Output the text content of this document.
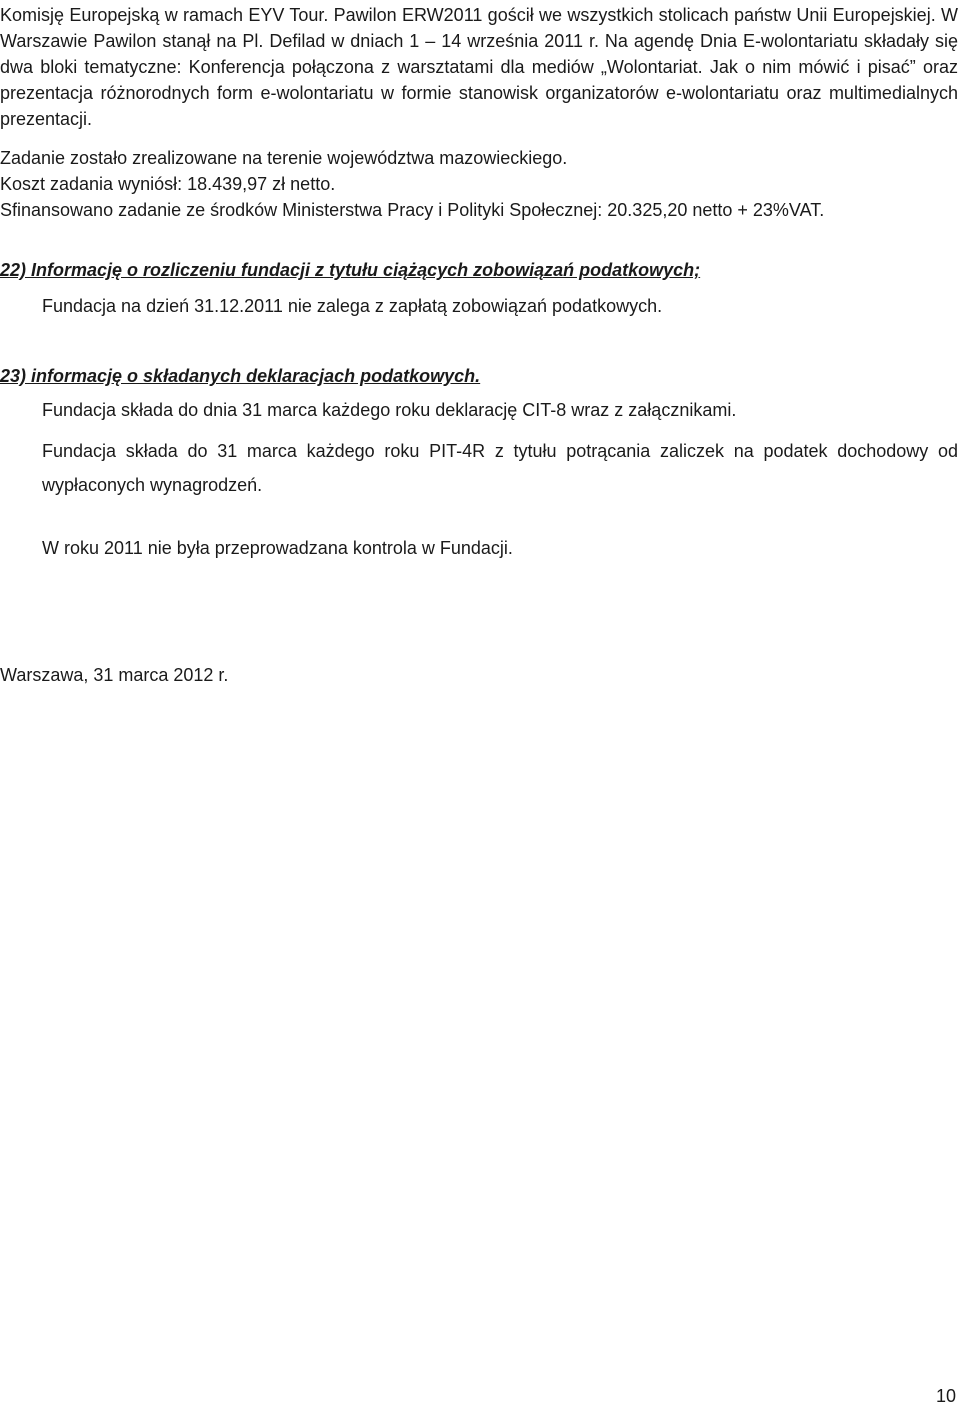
Komisję Europejską w ramach EYV Tour. Pawilon ERW2011 gościł we wszystkich stolicach państw Unii Europejskiej. W Warszawie Pawilon stanął na Pl. Defilad w dniach 1 – 14 września 2011 r. Na agendę Dnia E-wolontariatu składały się dwa bloki tematyczne: Konferencja połączona z warsztatami dla mediów „Wolontariat. Jak o nim mówić i pisać” oraz prezentacja różnorodnych form e-wolontariatu w formie stanowisk organizatorów e-wolontariatu oraz multimedialnych prezentacji.

Zadanie zostało zrealizowane na terenie województwa mazowieckiego.

Koszt zadania wyniósł: 18.439,97 zł netto.

Sfinansowano zadanie ze środków Ministerstwa Pracy i Polityki Społecznej: 20.325,20 netto + 23%VAT.

22) Informację o rozliczeniu fundacji z tytułu ciążących zobowiązań podatkowych;

Fundacja na dzień 31.12.2011 nie zalega z zapłatą zobowiązań podatkowych.

23) informację o składanych deklaracjach podatkowych.

Fundacja składa do dnia 31 marca każdego roku deklarację CIT-8 wraz z załącznikami.

Fundacja składa do 31 marca każdego roku PIT-4R z tytułu potrącania zaliczek na podatek dochodowy od wypłaconych wynagrodzeń.

W roku 2011 nie była przeprowadzana kontrola w Fundacji.

Warszawa, 31 marca 2012 r.

10
